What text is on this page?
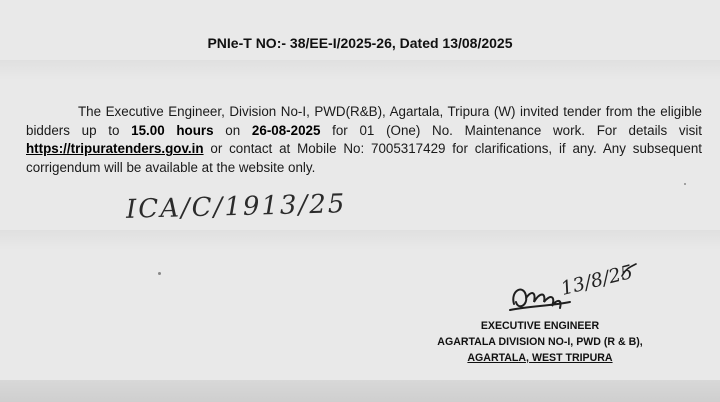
PNIe-T NO:- 38/EE-I/2025-26, Dated 13/08/2025

The Executive Engineer, Division No-I, PWD(R&B), Agartala, Tripura (W) invited tender from the eligible bidders up to 15.00 hours on 26-08-2025 for 01 (One) No. Maintenance work. For details visit https://tripuratenders.gov.in or contact at Mobile No: 7005317429 for clarifications, if any. Any subsequent corrigendum will be available at the website only.

ICA/C/1913/25
13/8/25
EXECUTIVE ENGINEER
AGARTALA DIVISION NO-I, PWD (R & B),
AGARTALA, WEST TRIPURA
